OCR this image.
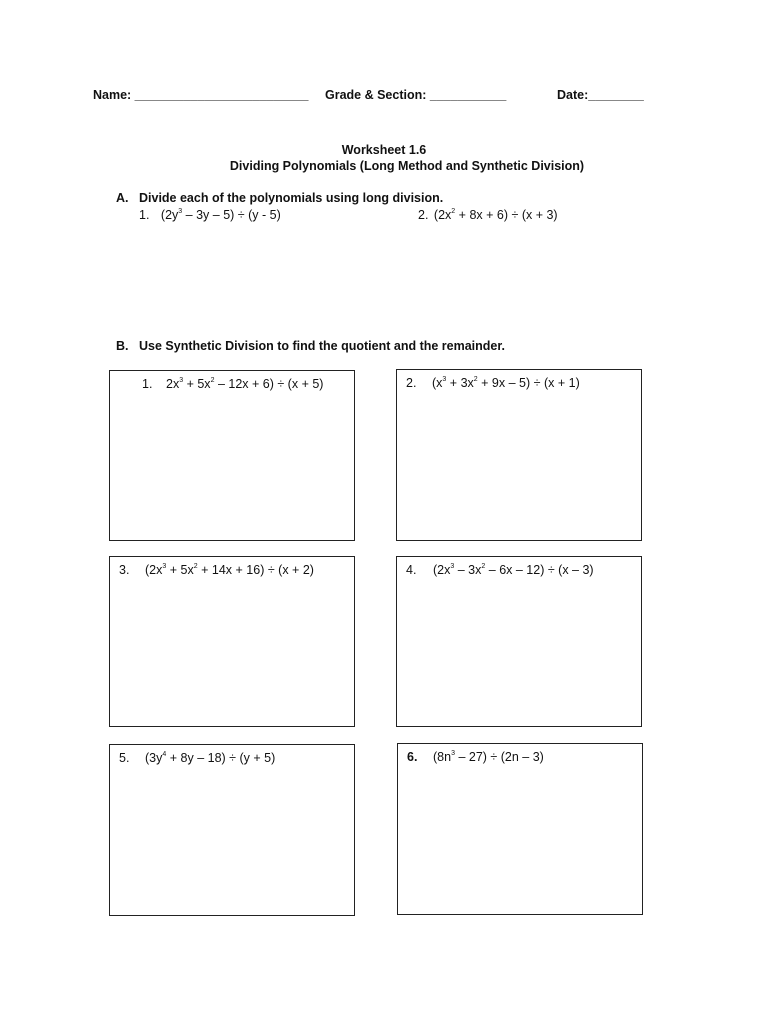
Name: _________________________ Grade & Section: ___________	Date:________
Worksheet 1.6
Dividing Polynomials (Long Method and Synthetic Division)
A. Divide each of the polynomials using long division.
1. $(2y^3 - 3y - 5) \div (y - 5)$	2. $(2x^2 + 8x + 6) \div (x + 3)$
B. Use Synthetic Division to find the quotient and the remainder.
1. $2x^3 + 5x^2 - 12x + 6) \div (x + 5)$	2. $(x^3 + 3x^2 + 9x - 5) \div (x + 1)$
3. $(2x^3 + 5x^2 + 14x + 16) \div (x + 2)$	4. $(2x^3 - 3x^2 - 6x - 12) \div (x - 3)$
5. $(3y^4 + 8y - 18) \div (y + 5)$	6. $(8n^3 - 27) \div (2n - 3)$
